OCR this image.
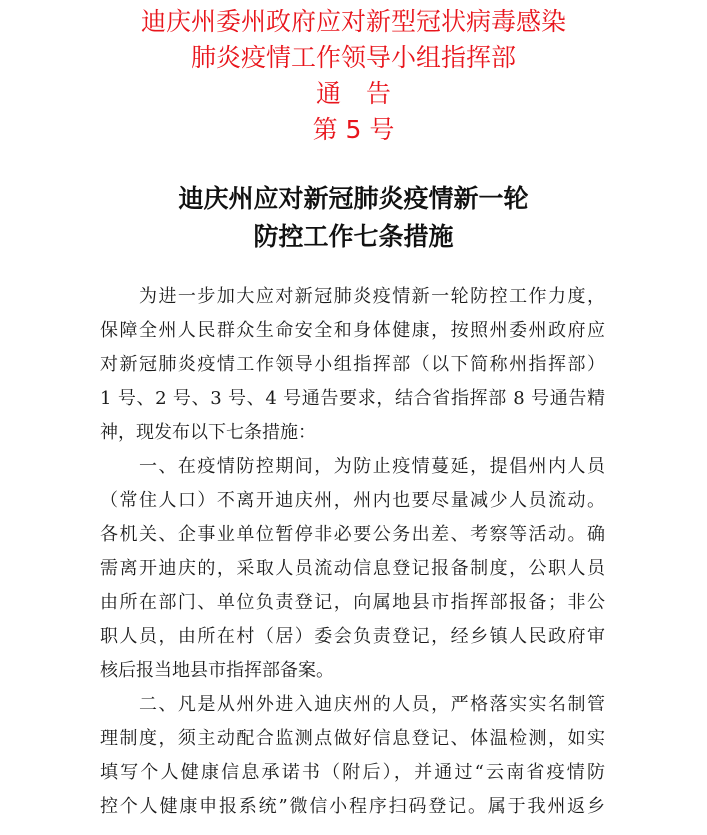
迪庆州委州政府应对新型冠状病毒感染
肺炎疫情工作领导小组指挥部
通　告
第 5 号
迪庆州应对新冠肺炎疫情新一轮
防控工作七条措施
　　为进一步加大应对新冠肺炎疫情新一轮防控工作力度，
保障全州人民群众生命安全和身体健康，按照州委州政府应
对新冠肺炎疫情工作领导小组指挥部（以下简称州指挥部）
1 号、2 号、3 号、4 号通告要求，结合省指挥部 8 号通告精
神，现发布以下七条措施：
　　一、在疫情防控期间，为防止疫情蔓延，提倡州内人员
（常住人口）不离开迪庆州，州内也要尽量减少人员流动。
各机关、企事业单位暂停非必要公务出差、考察等活动。确
需离开迪庆的，采取人员流动信息登记报备制度，公职人员
由所在部门、单位负责登记，向属地县市指挥部报备；非公
职人员，由所在村（居）委会负责登记，经乡镇人民政府审
核后报当地县市指挥部备案。
　　二、凡是从州外进入迪庆州的人员，严格落实实名制管
理制度，须主动配合监测点做好信息登记、体温检测，如实
填写个人健康信息承诺书（附后），并通过“云南省疫情防
控个人健康申报系统”微信小程序扫码登记。属于我州返乡
